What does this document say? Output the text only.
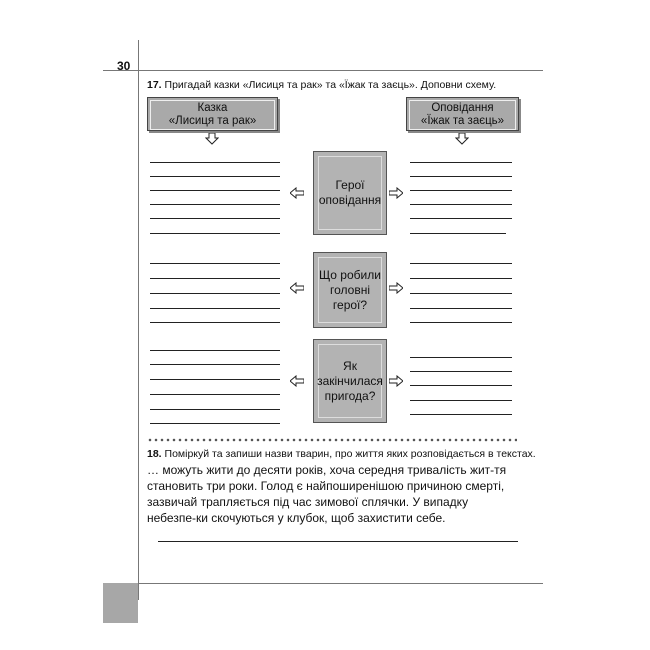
30
17. Пригадай казки «Лисиця та рак» та «Їжак та заєць». Доповни схему.
Казка
«Лисиця та рак»
Оповідання
«Їжак та заєць»
Герої
оповідання
Що робили
головні
герої?
Як
закінчилася
пригода?
18. Поміркуй та запиши назви тварин, про життя яких розповідається в текстах.
… можуть жити до десяти років, хоча середня тривалість жит-тя становить три роки. Голод є найпоширенішою причиною смерті, зазвичай трапляється під час зимової сплячки. У випадку небезпе-ки скочуються у клубок, щоб захистити себе.
